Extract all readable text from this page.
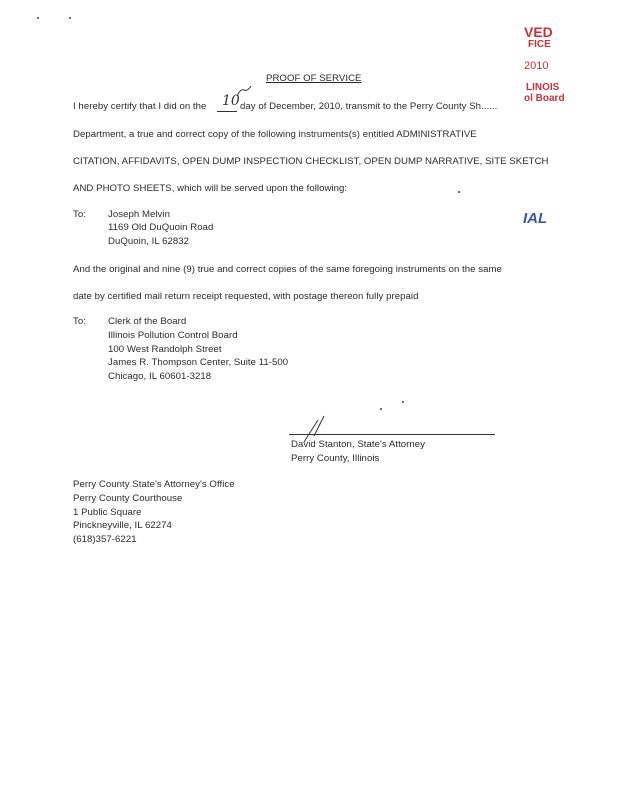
VED
FICE
2010
LINOIS
ol Board
IAL
PROOF OF SERVICE
I hereby certify that I did on the 10 day of December, 2010, transmit to the Perry County Sh......
Department, a true and correct copy of the following instruments(s) entitled ADMINISTRATIVE
CITATION, AFFIDAVITS, OPEN DUMP INSPECTION CHECKLIST, OPEN DUMP NARRATIVE, SITE SKETCH
AND PHOTO SHEETS, which will be served upon the following:
To: Joseph Melvin
1169 Old DuQuoin Road
DuQuoin, IL 62832
And the original and nine (9) true and correct copies of the same foregoing instruments on the same
date by certified mail return receipt requested, with postage thereon fully prepaid
To: Clerk of the Board
Illinois Pollution Control Board
100 West Randolph Street
James R. Thompson Center, Suite 11-500
Chicago, IL 60601-3218
David Stanton, State's Attorney
Perry County, Illinois
Perry County State's Attorney's Office
Perry County Courthouse
1 Public Square
Pinckneyville, IL 62274
(618)357-6221
